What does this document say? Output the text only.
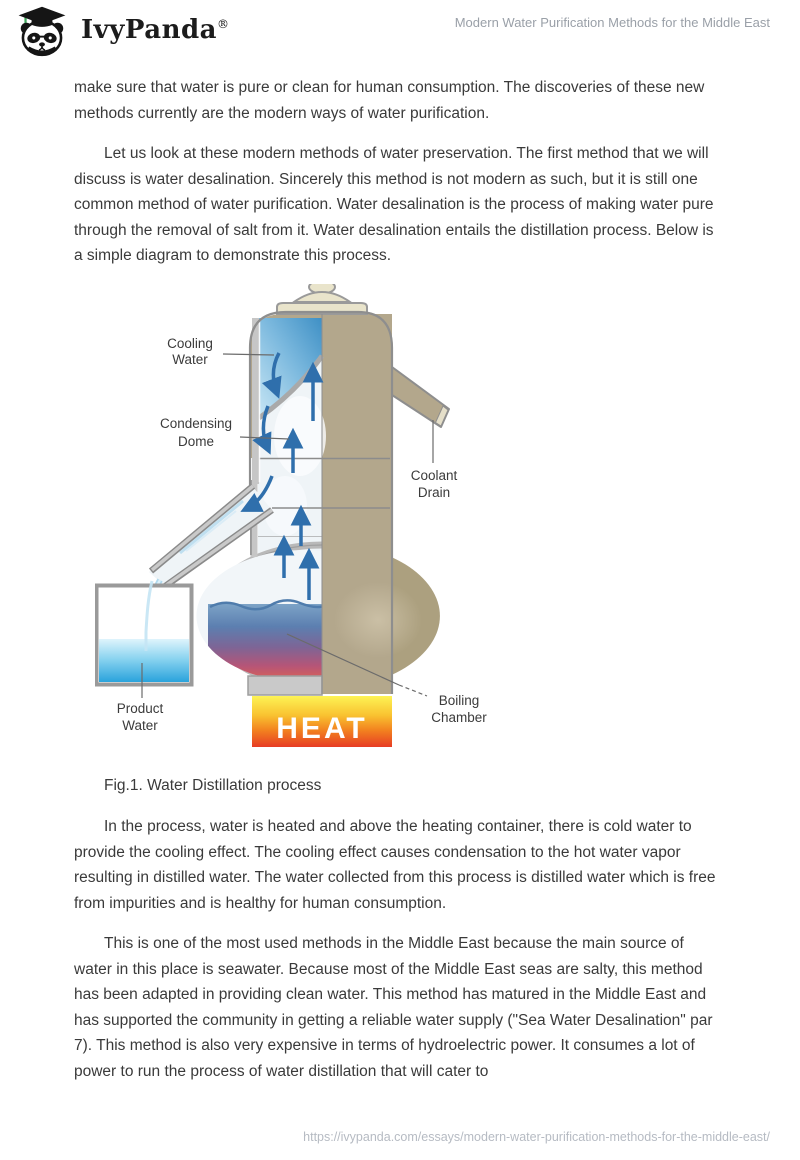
IvyPanda®	Modern Water Purification Methods for the Middle East

make sure that water is pure or clean for human consumption. The discoveries of these new methods currently are the modern ways of water purification.

Let us look at these modern methods of water preservation. The first method that we will discuss is water desalination. Sincerely this method is not modern as such, but it is still one common method of water purification. Water desalination is the process of making water pure through the removal of salt from it. Water desalination entails the distillation process. Below is a simple diagram to demonstrate this process.

HEAT
Cooling
Water
Condensing
Dome
Coolant
Drain
Product
Water
Boiling
Chamber

Fig.1. Water Distillation process

In the process, water is heated and above the heating container, there is cold water to provide the cooling effect. The cooling effect causes condensation to the hot water vapor resulting in distilled water. The water collected from this process is distilled water which is free from impurities and is healthy for human consumption.

This is one of the most used methods in the Middle East because the main source of water in this place is seawater. Because most of the Middle East seas are salty, this method has been adapted in providing clean water. This method has matured in the Middle East and has supported the community in getting a reliable water supply ("Sea Water Desalination" par 7). This method is also very expensive in terms of hydroelectric power. It consumes a lot of power to run the process of water distillation that will cater to

https://ivypanda.com/essays/modern-water-purification-methods-for-the-middle-east/
